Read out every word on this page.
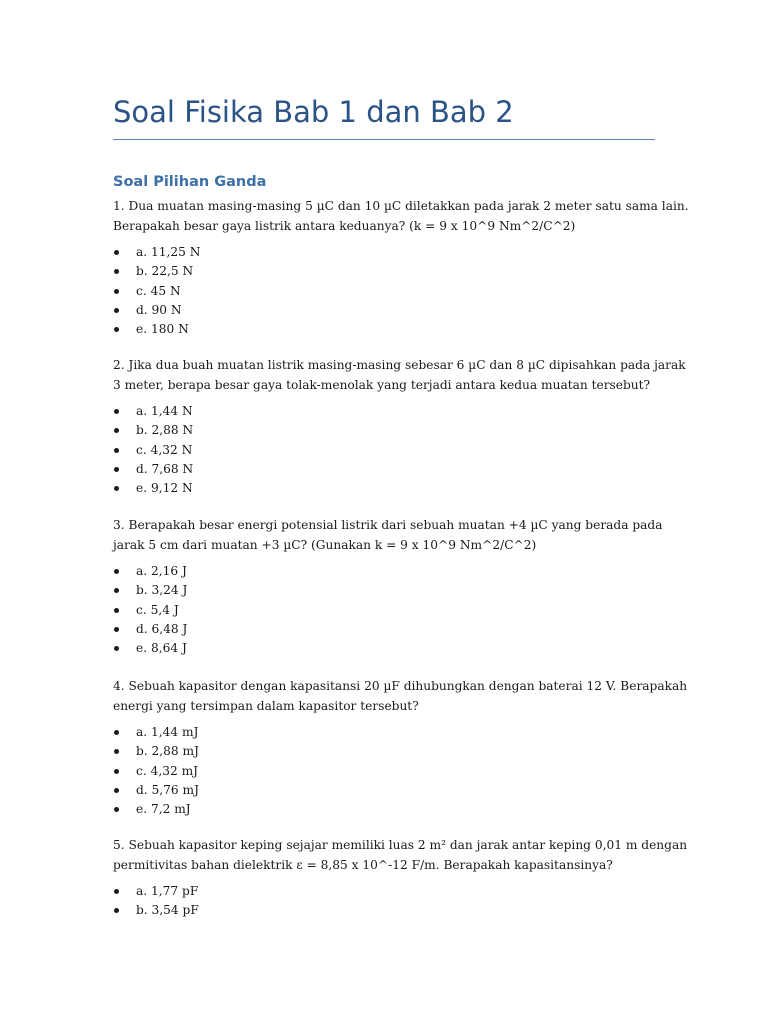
Soal Fisika Bab 1 dan Bab 2
Soal Pilihan Ganda

1. Dua muatan masing-masing 5 µC dan 10 µC diletakkan pada jarak 2 meter satu sama lain.
Berapakah besar gaya listrik antara keduanya? (k = 9 x 10^9 Nm^2/C^2)

a. 11,25 N
b. 22,5 N
c. 45 N
d. 90 N
e. 180 N

2. Jika dua buah muatan listrik masing-masing sebesar 6 µC dan 8 µC dipisahkan pada jarak
3 meter, berapa besar gaya tolak-menolak yang terjadi antara kedua muatan tersebut?

a. 1,44 N
b. 2,88 N
c. 4,32 N
d. 7,68 N
e. 9,12 N

3. Berapakah besar energi potensial listrik dari sebuah muatan +4 µC yang berada pada
jarak 5 cm dari muatan +3 µC? (Gunakan k = 9 x 10^9 Nm^2/C^2)

a. 2,16 J
b. 3,24 J
c. 5,4 J
d. 6,48 J
e. 8,64 J

4. Sebuah kapasitor dengan kapasitansi 20 µF dihubungkan dengan baterai 12 V. Berapakah
energi yang tersimpan dalam kapasitor tersebut?

a. 1,44 mJ
b. 2,88 mJ
c. 4,32 mJ
d. 5,76 mJ
e. 7,2 mJ

5. Sebuah kapasitor keping sejajar memiliki luas 2 m² dan jarak antar keping 0,01 m dengan
permitivitas bahan dielektrik ε = 8,85 x 10^-12 F/m. Berapakah kapasitansinya?

a. 1,77 pF
b. 3,54 pF
